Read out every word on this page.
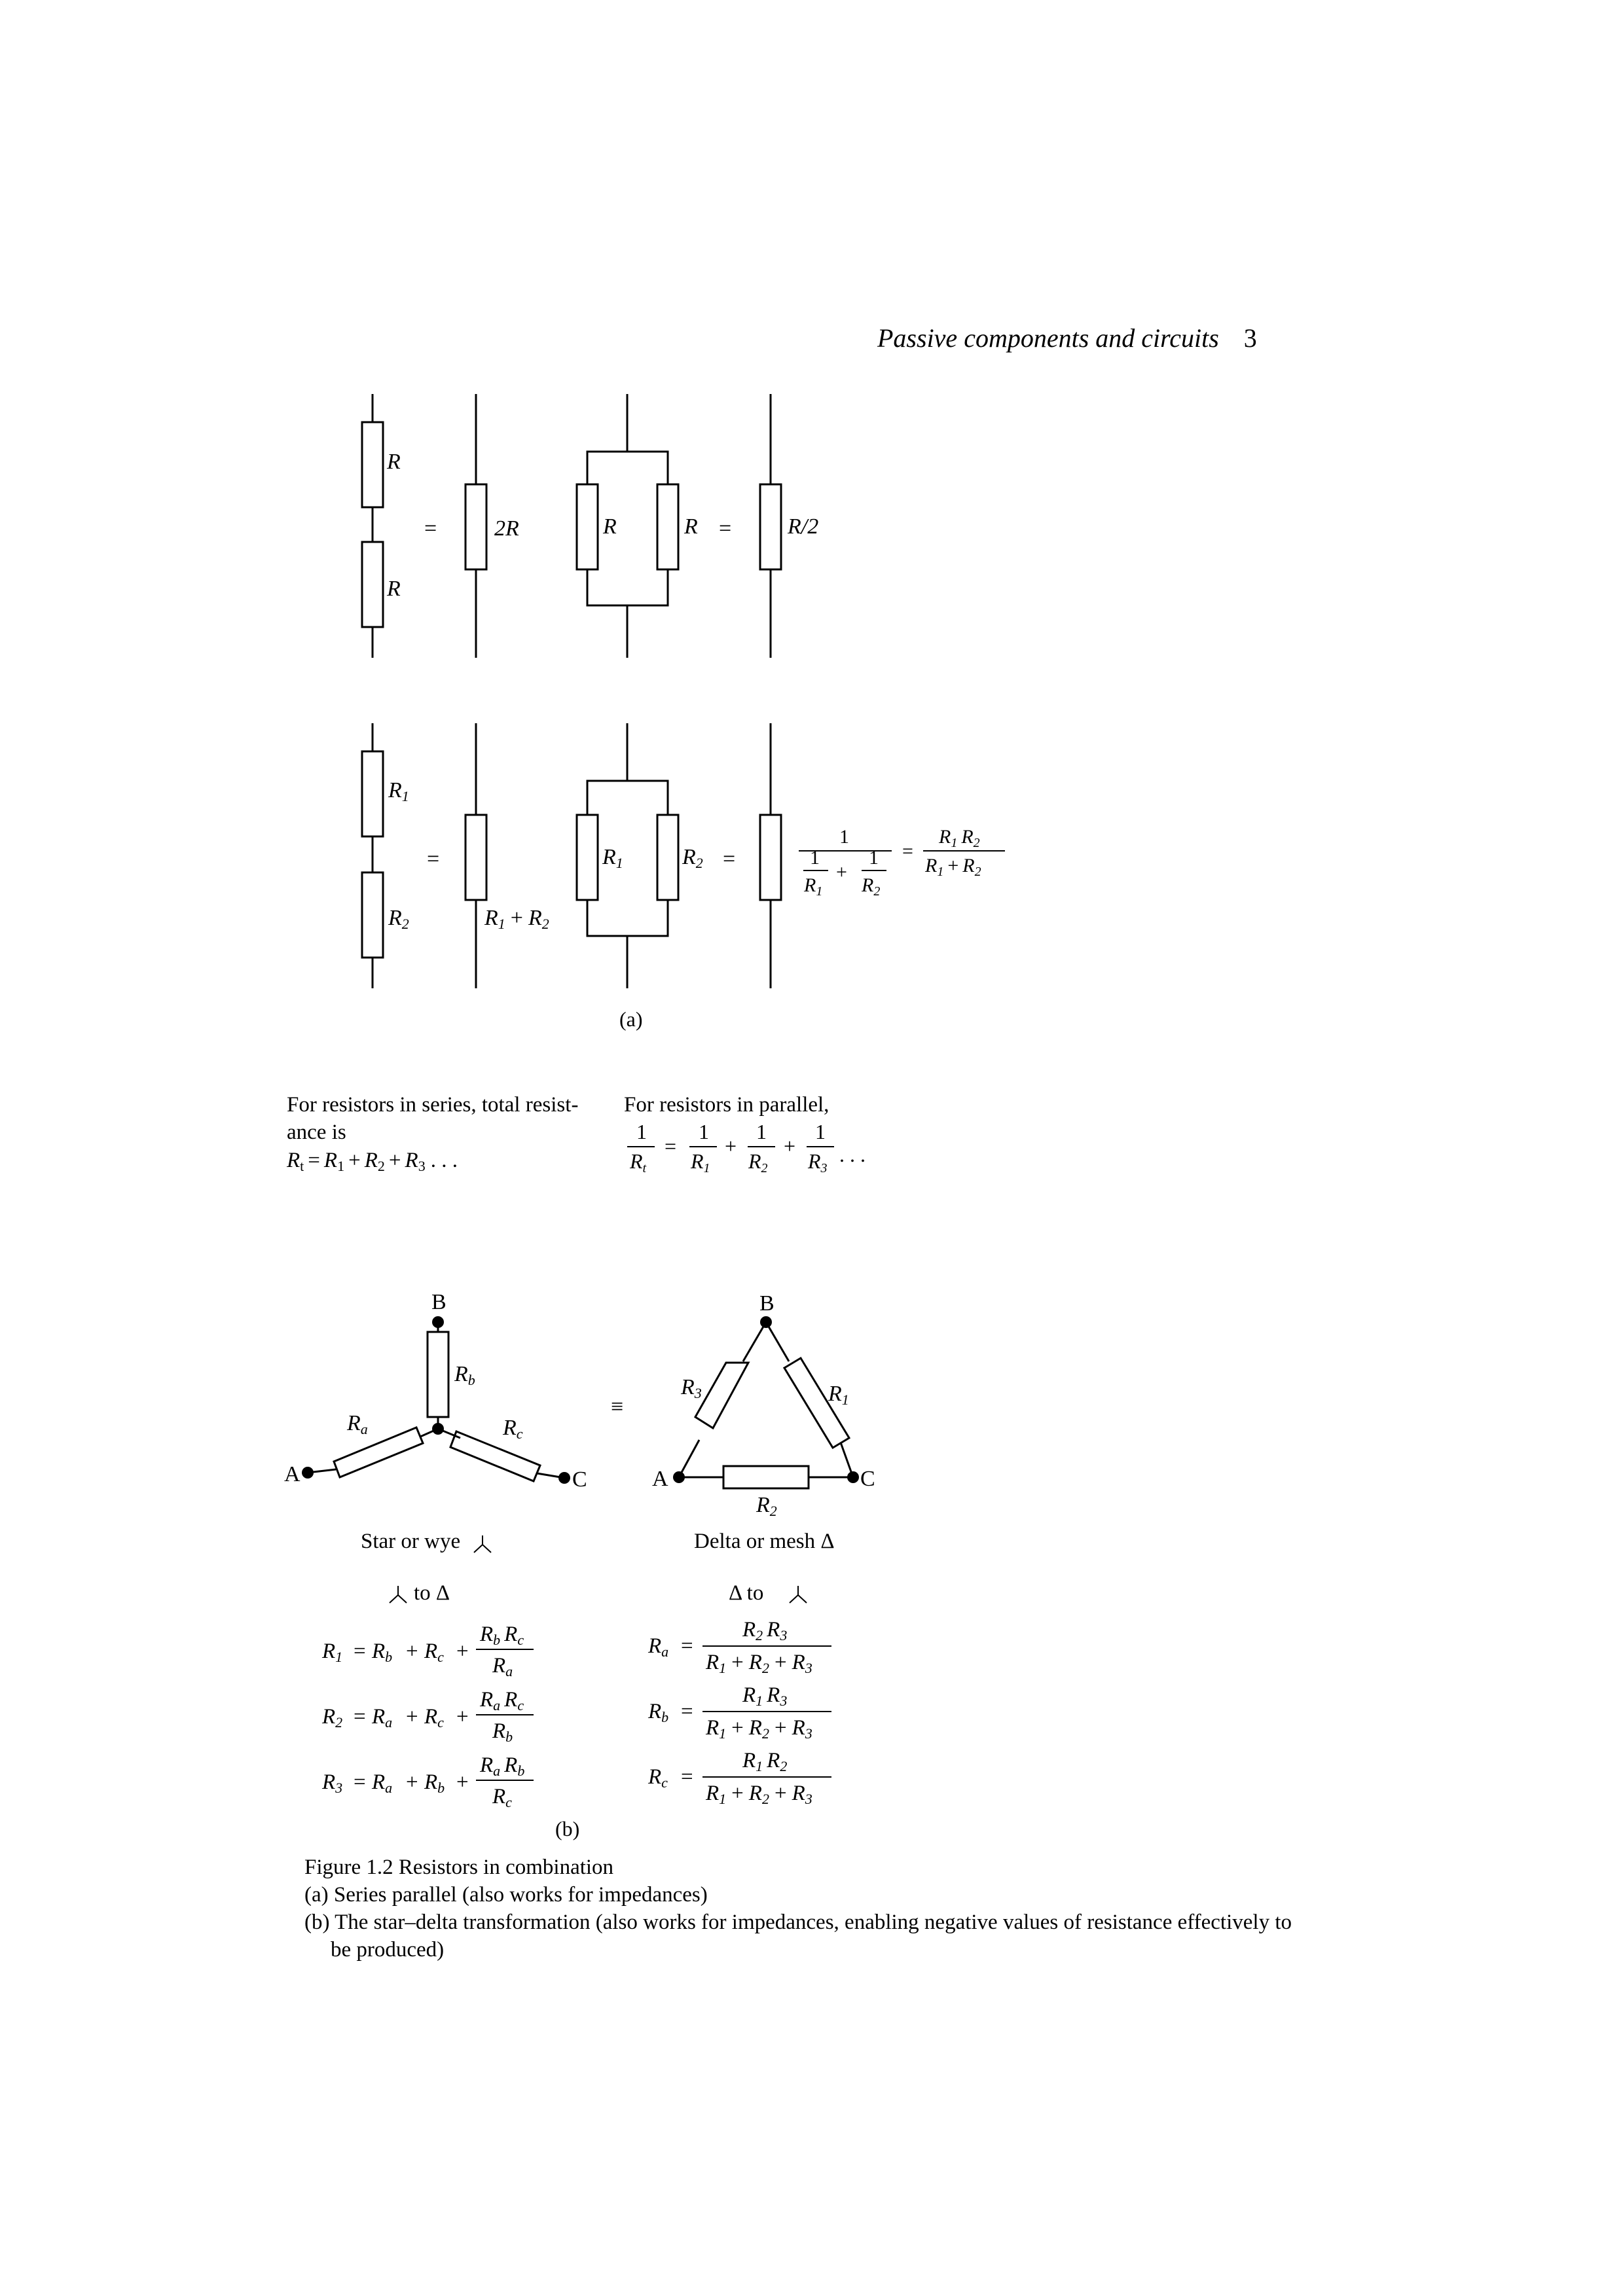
Passive components and circuits 3
R
R
=	2R	R	R =	R/2
R1
R2
=
R1 + R2
R1	R2 =
1
1
$R_1$
+
1
$R_2$
=
$R_1$ $R_2$
$R_1 + R_2$
(a)
For resistors in series, total resist-
ance is
Rt = R1 + R2 + R3 . . .
For resistors in parallel,
1
Rt
=
1
R1
+
1
R2
+
1
R3
. . .
B
A	C
Rb
Ra	Rc
≡
B
A	C
R3	R1
R2
Star or wye	Delta or mesh Δ
to Δ	Δ to
R1 = Rb + Rc +
Rb Rc
Ra
R2 = Ra + Rc +
Ra Rc
Rb
R3 = Ra + Rb +
Ra Rb
Rc
Ra =
R2 R3
R1 + R2 + R3
Rb =
R1 R3
R1 + R2 + R3
Rc =
R1 R2
R1 + R2 + R3
(b)
Figure 1.2 Resistors in combination
(a) Series parallel (also works for impedances)
(b) The star–delta transformation (also works for impedances, enabling negative values of resistance effectively to
be produced)
